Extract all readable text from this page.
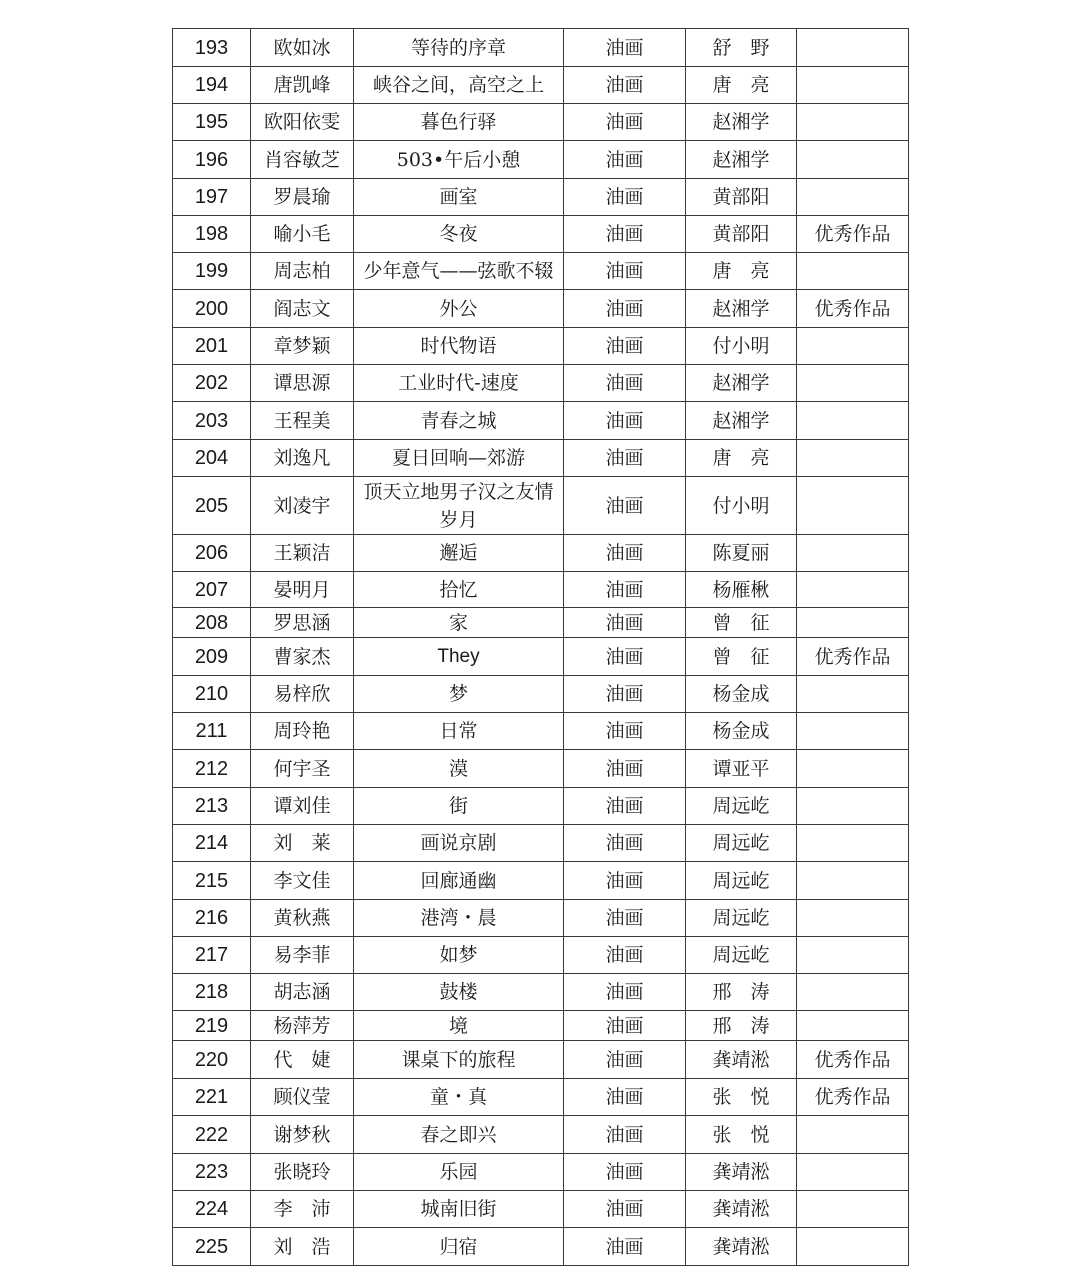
193	欧如冰	等待的序章	油画	舒　野	
194	唐凯峰	峡谷之间，高空之上	油画	唐　亮	
195	欧阳依雯	暮色行驿	油画	赵湘学	
196	肖容敏芝	503•午后小憩	油画	赵湘学	
197	罗晨瑜	画室	油画	黄部阳	
198	喻小毛	冬夜	油画	黄部阳	优秀作品
199	周志柏	少年意气——弦歌不辍	油画	唐　亮	
200	阎志文	外公	油画	赵湘学	优秀作品
201	章梦颖	时代物语	油画	付小明	
202	谭思源	工业时代-速度	油画	赵湘学	
203	王程美	青春之城	油画	赵湘学	
204	刘逸凡	夏日回响—郊游	油画	唐　亮	
205	刘凌宇	顶天立地男子汉之友情岁月	油画	付小明	
206	王颖洁	邂逅	油画	陈夏丽	
207	晏明月	拾忆	油画	杨雁楸	
208	罗思涵	家	油画	曾　征	
209	曹家杰	They	油画	曾　征	优秀作品
210	易梓欣	梦	油画	杨金成	
211	周玲艳	日常	油画	杨金成	
212	何宇圣	漠	油画	谭亚平	
213	谭刘佳	街	油画	周远屹	
214	刘　莱	画说京剧	油画	周远屹	
215	李文佳	回廊通幽	油画	周远屹	
216	黄秋燕	港湾・晨	油画	周远屹	
217	易李菲	如梦	油画	周远屹	
218	胡志涵	鼓楼	油画	邢　涛	
219	杨萍芳	境	油画	邢　涛	
220	代　婕	课桌下的旅程	油画	龚靖淞	优秀作品
221	顾仪莹	童・真	油画	张　悦	优秀作品
222	谢梦秋	春之即兴	油画	张　悦	
223	张晓玲	乐园	油画	龚靖淞	
224	李　沛	城南旧街	油画	龚靖淞	
225	刘　浩	归宿	油画	龚靖淞	
